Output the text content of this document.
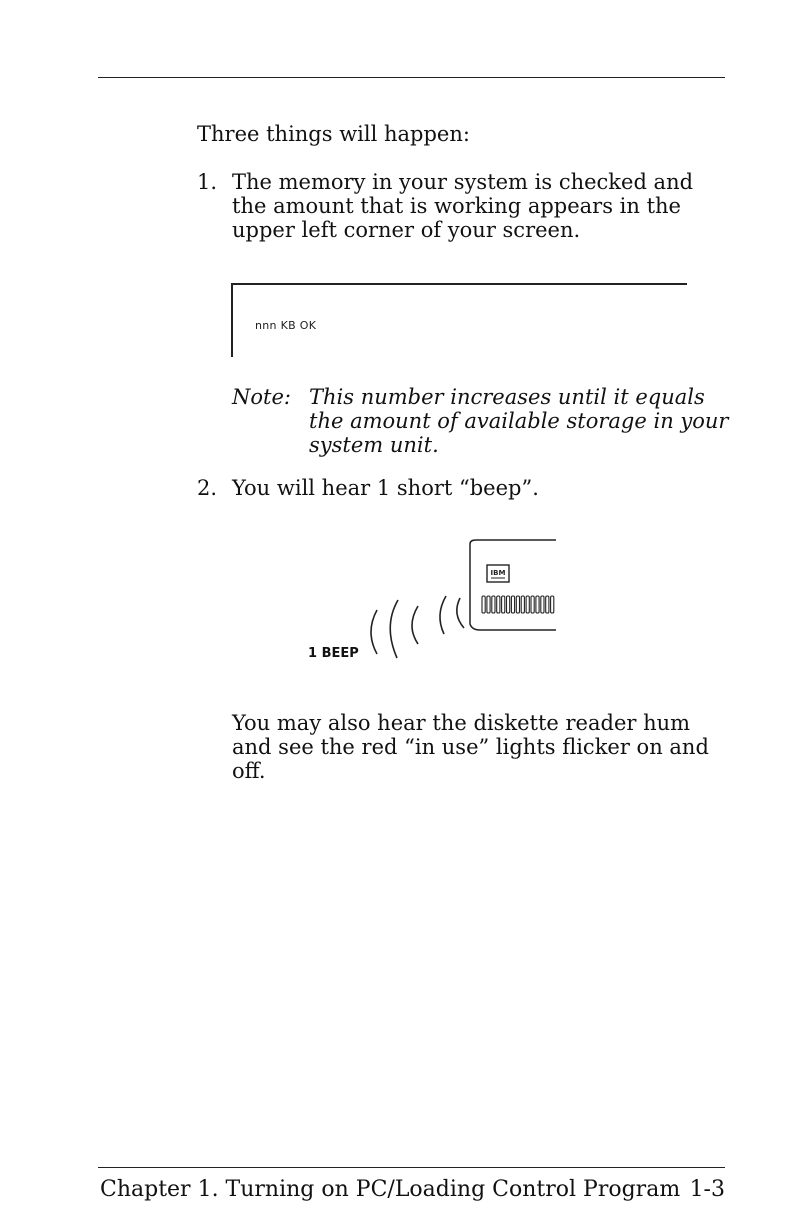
Three things will happen:
1. The memory in your system is checked and
the amount that is working appears in the
upper left corner of your screen.
nnn KB OK
Note: This number increases until it equals
the amount of available storage in your
system unit.
2. You will hear 1 short “beep”.
IBM
1 BEEP
You may also hear the diskette reader hum
and see the red “in use” lights flicker on and
off.
Chapter 1. Turning on PC/Loading Control Program 1-3
